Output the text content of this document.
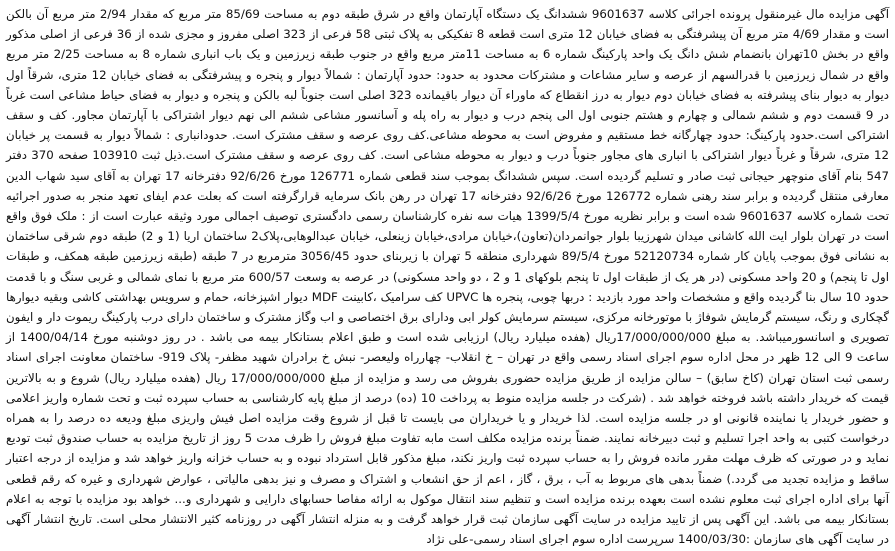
آگهی مزایده مال غیرمنقول پرونده اجرائی کلاسه 9601637 ششدانگ یک دستگاه آپارتمان واقع در شرق طبقه دوم به مساحت 85/69 متر مربع که مقدار 2/94 متر مربع آن بالکن است و مقدار 4/69 متر مربع آن پیشرفتگی به فضای خیابان 12 متری است قطعه 8 تفکیکی به پلاک ثبتی 58 فرعی از 323 اصلی مفروز و مجزی شده از 36 فرعی از اصلی مذکور واقع در بخش 10تهران بانضمام شش دانگ یک واحد پارکینگ شماره 6 به مساحت 11متر مربع واقع در جنوب طبقه زیرزمین و یک باب انباری شماره 8 به مساحت 2/25 متر مربع واقع در شمال زیرزمین با قدرالسهم از عرصه و سایر مشاعات و مشترکات محدود به حدود: حدود آپارتمان : شمالاً دیوار و پنجره و پیشرفتگی به فضای خیابان 12 متری، شرقاً اول دیوار به دیوار بنای پیشرفته به فضای خیابان دوم دیوار به درز انقطاع که ماوراء آن دیوار باقیمانده 323 اصلی است جنوباً لبه بالکن و پنجره و دیوار به فضای حیاط مشاعی است غرباً در 9 قسمت دوم و ششم شمالی و چهارم و هشتم جنوبی اول الی پنجم درب و دیوار به راه پله و آسانسور مشاعی ششم الی نهم دیوار اشتراکی با آپارتمان مجاور. کف و سقف اشتراکی است.حدود پارکینگ: حدود چهارگانه خط مستقیم و مفروض است به محوطه مشاعی.کف روی عرصه و سقف مشترک است. حدودانباری : شمالاً دیوار به قسمت پر خیابان 12 متری، شرقاً و غرباً دیوار اشتراکی با انباری های مجاور جنوباً درب و دیوار به محوطه مشاعی است. کف روی عرصه و سقف مشترک است.ذیل ثبت 103910 صفحه 370 دفتر 547 بنام آقای منوچهر حیجانی ثبت صادر و تسلیم گردیده است. سپس ششدانگ بموجب سند قطعی شماره 126771 مورخ 92/6/26 دفترخانه 17 تهران به آقای سید شهاب الدین معارفی منتقل گردیده و برابر سند رهنی شماره 126772 مورخ 92/6/26 دفترخانه 17 تهران در رهن بانک سرمایه قرارگرفته است که بعلت عدم ایفای تعهد منجر به صدور اجرائیه تحت شماره کلاسه 9601637 شده است و برابر نظریه مورخ 1399/5/4 هیات سه نفره کارشناسان رسمی دادگستری توصیف اجمالی مورد وثیقه عبارت است از : ملک فوق واقع است در تهران بلوار ایت الله کاشانی میدان شهرزیبا بلوار جوانمردان(تعاون)،خیابان مرادی،خیابان زینعلی، خیابان عبدالوهابی،پلاک2 ساختمان اریا (1 و 2) طبقه دوم شرقی ساختمان به نشانی فوق بموجب پایان کار شماره 52120734 مورخ 89/5/4 شهرداری منطقه 5 تهران با زیربنای حدود 3056/45 مترمربع در 7 طبقه (طبقه زیرزمین طبقه همکف، و طبقات اول تا پنجم) و 20 واحد مسکونی (در هر یک از طبقات اول تا پنجم بلوکهای 1 و 2 ، دو واحد مسکونی) در عرصه به وسعت 600/57 متر مربع با نمای شمالی و غربی سنگ و با قدمت حدود 10 سال بنا گردیده واقع و مشخصات واحد مورد بازدید : دربها چوبی، پنجره ها UPVC کف سرامیک ،کابینت MDF دیوار اشپزخانه، حمام و سرویس بهداشتی کاشی وبقیه دیوارها گچکاری و رنگ، سیستم گرمایش شوفاژ با موتورخانه مرکزی، سیستم سرمایش کولر ابی ودارای برق اختصاصی و اب وگاز مشترک و ساختمان دارای درب پارکینگ ریموت دار و ایفون تصویری و اسانسورمیباشد. به مبلغ 17/000/000/000ریال (هفده میلیارد ریال) ارزیابی شده است و طبق اعلام بستانکار بیمه می باشد . در روز دوشنبه مورخ 1400/04/14 از ساعت 9 الی 12 ظهر در محل اداره سوم اجرای اسناد رسمی واقع در تهران – خ انقلاب- چهارراه ولیعصر- نبش خ برادران شهید مظفر- پلاک 919- ساختمان معاونت اجرای اسناد رسمی ثبت استان تهران (کاخ سابق) – سالن مزایده از طریق مزایده حضوری بفروش می رسد و مزایده از مبلغ 17/000/000/000 ریال (هفده میلیارد ریال) شروع و به بالاترین قیمت که خریدار داشته باشد فروخته خواهد شد . (شرکت در جلسه مزایده منوط به پرداخت 10 (ده) درصد از مبلغ پایه کارشناسی به حساب سپرده ثبت و تحت شماره واریز اعلامی و حضور خریدار یا نماینده قانونی او در جلسه مزایده است. لذا خریدار و یا خریداران می بایست تا قبل از شروع وقت مزایده اصل فیش واریزی مبلغ ودیعه ده درصد را به همراه درخواست کتبی به واحد اجرا تسلیم و ثبت دبیرخانه نمایند. ضمناً برنده مزایده مکلف است مابه تفاوت مبلغ فروش را ظرف مدت 5 روز از تاریخ مزایده به حساب صندوق ثبت تودیع نماید و در صورتی که ظرف مهلت مقرر مانده فروش را به حساب سپرده ثبت واریز نکند، مبلغ مذکور قابل استرداد نبوده و به حساب خزانه واریز خواهد شد و مزایده از درجه اعتبار ساقط و مزایده تجدید می گردد.) ضمناً بدهی های مربوط به آب ، برق ، گاز ، اعم از حق انشعاب و اشتراک و مصرف و نیز بدهی مالیاتی ، عوارض شهرداری و غیره که رقم قطعی آنها برای اداره اجرای ثبت معلوم نشده است بعهده برنده مزایده است و تنظیم سند انتقال موکول به ارائه مفاصا حسابهای دارایی و شهرداری و... خواهد بود مزایده با توجه به اعلام بستانکار بیمه می باشد. این آگهی پس از تایید مزایده در سایت آگهی سازمان ثبت قرار خواهد گرفت و به منزله انتشار آگهی در روزنامه کثیر الانتشار محلی است. تاریخ انتشار آگهی در سایت آگهی های سازمان :1400/03/30 سرپرست اداره سوم اجرای اسناد رسمی-علی نژاد
